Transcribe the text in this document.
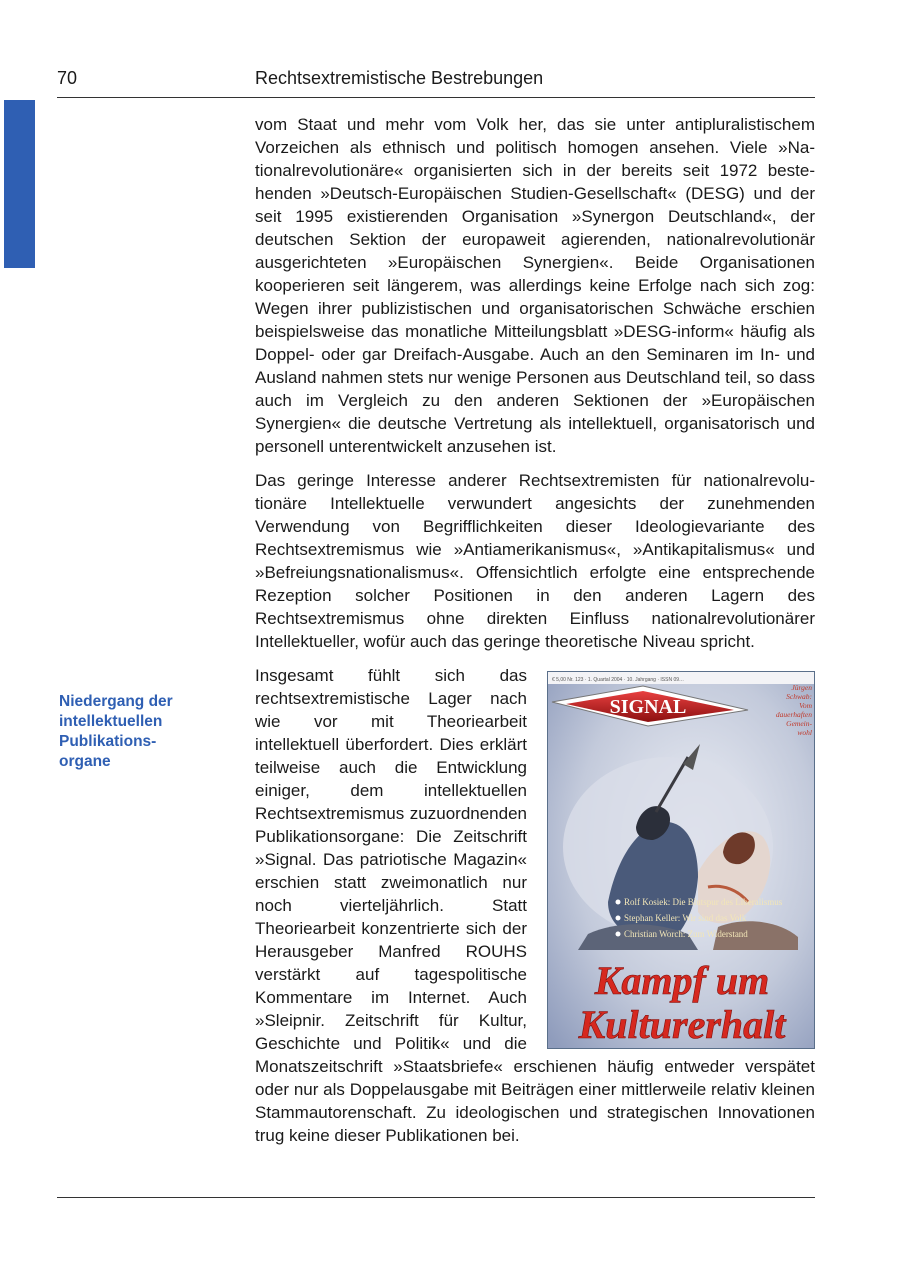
70	Rechtsextremistische Bestrebungen
Niedergang der
intellektuellen
Publikations-
organe

vom Staat und mehr vom Volk her, das sie unter antipluralistischem Vorzeichen als ethnisch und politisch homogen ansehen. Viele »Nationalrevolutionäre« organisierten sich in der bereits seit 1972 bestehenden »Deutsch-Europäischen Studien-Gesellschaft« (DESG) und der seit 1995 existierenden Organisation »Synergon Deutschland«, der deutschen Sektion der europaweit agierenden, nationalrevolutionär ausgerichteten »Europäischen Synergien«. Beide Organisationen kooperieren seit längerem, was allerdings keine Erfolge nach sich zog: Wegen ihrer publizistischen und organisatorischen Schwäche erschien beispielsweise das monatliche Mitteilungsblatt »DESG-inform« häufig als Doppel- oder gar Dreifach-Ausgabe. Auch an den Seminaren im In- und Ausland nahmen stets nur wenige Personen aus Deutschland teil, so dass auch im Vergleich zu den anderen Sektionen der »Europäischen Synergien« die deutsche Vertretung als intellektuell, organisatorisch und personell unterentwickelt anzusehen ist.

Das geringe Interesse anderer Rechtsextremisten für nationalrevolutionäre Intellektuelle verwundert angesichts der zunehmenden Verwendung von Begrifflichkeiten dieser Ideologievariante des Rechtsextremismus wie »Antiamerikanismus«, »Antikapitalismus« und »Befreiungsnationalismus«. Offensichtlich erfolgte eine entsprechende Rezeption solcher Positionen in den anderen Lagern des Rechtsextremismus ohne direkten Einfluss nationalrevolutionärer Intellektueller, wofür auch das geringe theoretische Niveau spricht.

€ 5,00 Nr. 123 · 1. Quartal 2004 · 10. Jahrgang · ISSN 09…
SIGNAL
Jürgen
Schwab:
Vom
dauerhaften
Gemein-
wohl
Rolf Kosiek: Die Blutspur des Liberalismus
Stephan Keller: Wir sind das Volk
Christian Worch: Zum Widerstand
Kampf um
Kulturerhalt
Insgesamt fühlt sich das rechtsextremistische Lager nach wie vor mit Theoriearbeit intellektuell überfordert. Dies erklärt teilweise auch die Entwicklung einiger, dem intellektuellen Rechtsextremismus zuzuordnenden Publikationsorgane: Die Zeitschrift »Signal. Das patriotische Magazin« erschien statt zweimonatlich nur noch vierteljährlich. Statt Theoriearbeit konzentrierte sich der Herausgeber Manfred ROUHS verstärkt auf tagespolitische Kommentare im Internet. Auch »Sleipnir. Zeitschrift für Kultur, Geschichte und Politik« und die Monatszeitschrift »Staatsbriefe« erschienen häufig entweder verspätet oder nur als Doppelausgabe mit Beiträgen einer mittlerweile relativ kleinen Stammautorenschaft. Zu ideologischen und strategischen Innovationen trug keine dieser Publikationen bei.
